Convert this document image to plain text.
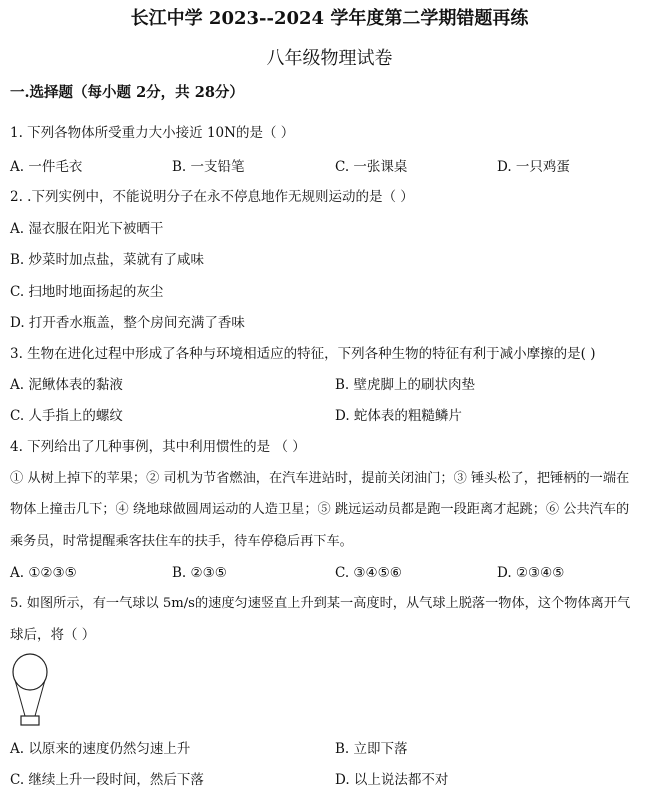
长江中学 2023--2024 学年度第二学期错题再练
八年级物理试卷
一.选择题（每小题 2分，共 28分）
1. 下列各物体所受重力大小接近 10N的是（ ）
A. 一件毛衣	B. 一支铅笔	C. 一张课桌	D. 一只鸡蛋
2. .下列实例中，不能说明分子在永不停息地作无规则运动的是（ ）
A. 湿衣服在阳光下被晒干
B. 炒菜时加点盐，菜就有了咸味
C. 扫地时地面扬起的灰尘
D. 打开香水瓶盖，整个房间充满了香味
3. 生物在进化过程中形成了各种与环境相适应的特征，下列各种生物的特征有利于减小摩擦的是( )
A. 泥鳅体表的黏液	B. 壁虎脚上的刷状肉垫
C. 人手指上的螺纹	D. 蛇体表的粗糙鳞片
4. 下列给出了几种事例，其中利用惯性的是 （ ）
① 从树上掉下的苹果；② 司机为节省燃油，在汽车进站时，提前关闭油门；③ 锤头松了，把锤柄的一端在
物体上撞击几下；④ 绕地球做圆周运动的人造卫星；⑤ 跳远运动员都是跑一段距离才起跳；⑥ 公共汽车的
乘务员，时常提醒乘客扶住车的扶手，待车停稳后再下车。
A. ①②③⑤	B. ②③⑤	C. ③④⑤⑥	D. ②③④⑤
5. 如图所示，有一气球以 5m/s的速度匀速竖直上升到某一高度时，从气球上脱落一物体，这个物体离开气
球后，将（ ）
A. 以原来的速度仍然匀速上升	B. 立即下落
C. 继续上升一段时间，然后下落	D. 以上说法都不对
